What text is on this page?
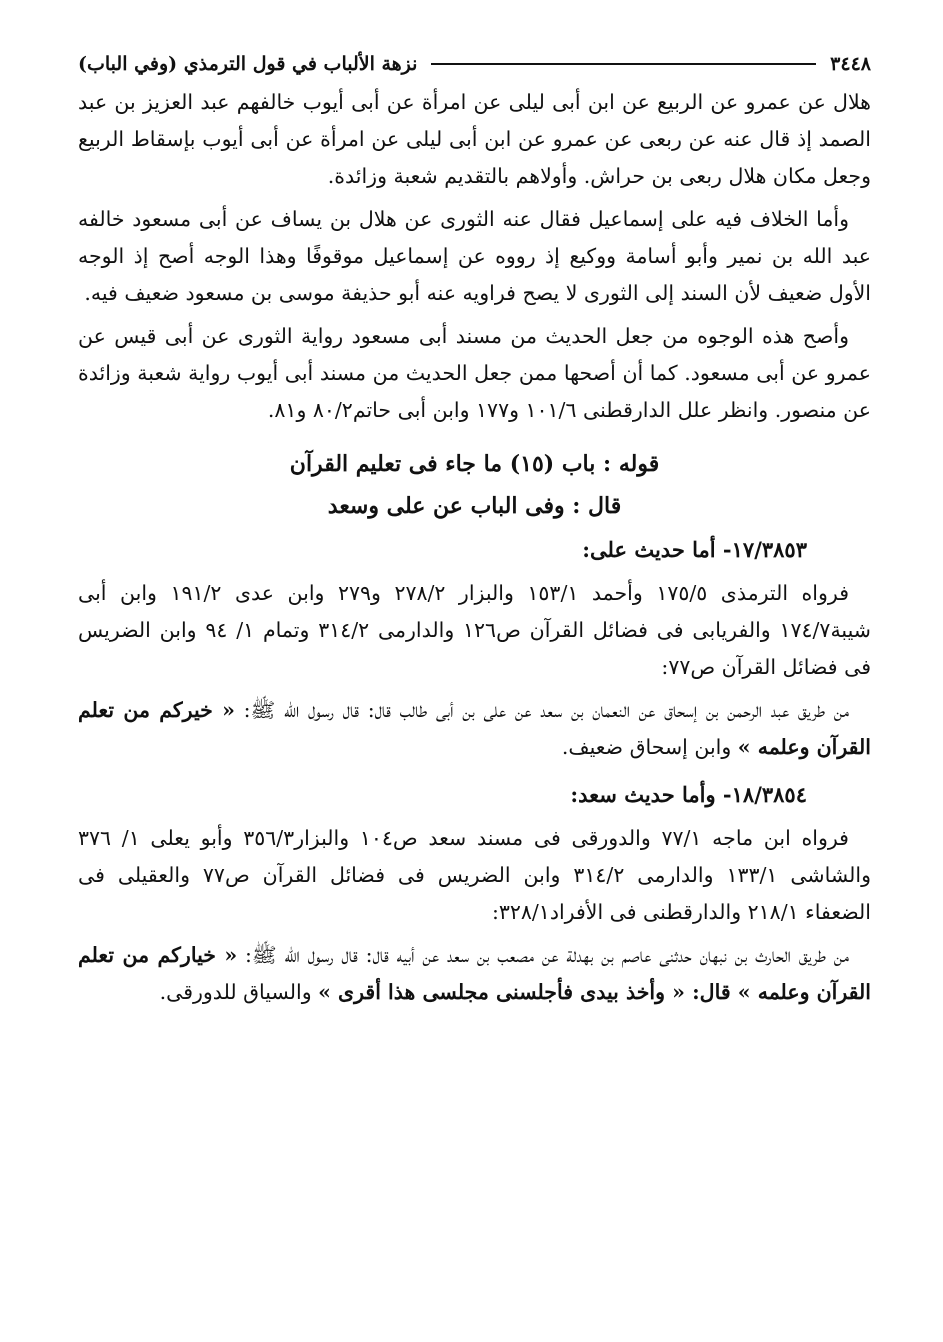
٣٤٤٨
نزهة الألباب في قول الترمذي (وفي الباب)

هلال عن عمرو عن الربيع عن ابن أبى ليلى عن امرأة عن أبى أيوب خالفهم عبد العزيز بن عبد الصمد إذ قال عنه عن ربعى عن عمرو عن ابن أبى ليلى عن امرأة عن أبى أيوب بإسقاط الربيع وجعل مكان هلال ربعى بن حراش. وأولاهم بالتقديم شعبة وزائدة.

وأما الخلاف فيه على إسماعيل فقال عنه الثورى عن هلال بن يساف عن أبى مسعود خالفه عبد الله بن نمير وأبو أسامة ووكيع إذ رووه عن إسماعيل موقوفًا وهذا الوجه أصح إذ الوجه الأول ضعيف لأن السند إلى الثورى لا يصح فراويه عنه أبو حذيفة موسى بن مسعود ضعيف فيه.

وأصح هذه الوجوه من جعل الحديث من مسند أبى مسعود رواية الثورى عن أبى قيس عن عمرو عن أبى مسعود. كما أن أصحها ممن جعل الحديث من مسند أبى أيوب رواية شعبة وزائدة عن منصور. وانظر علل الدارقطنى ١٠١/٦ و١٧٧ وابن أبى حاتم٨٠/٢ و٨١.

قوله : باب (١٥) ما جاء فى تعليم القرآن

قال : وفى الباب عن على وسعد

١٧/٣٨٥٣- أما حديث على:

فرواه الترمذى ١٧٥/٥ وأحمد ١٥٣/١ والبزار ٢٧٨/٢ و٢٧٩ وابن عدى ١٩١/٢ وابن أبى شيبة١٧٤/٧ والفريابى فى فضائل القرآن ص١٢٦ والدارمى ٣١٤/٢ وتمام ١/ ٩٤ وابن الضريس فى فضائل القرآن ص٧٧:

من طريق عبد الرحمن بن إسحاق عن النعمان بن سعد عن على بن أبى طالب قال: قال رسول الله ﷺ: « خيركم من تعلم القرآن وعلمه » وابن إسحاق ضعيف.

١٨/٣٨٥٤- وأما حديث سعد:

فرواه ابن ماجه ٧٧/١ والدورقى فى مسند سعد ص١٠٤ والبزار٣٥٦/٣ وأبو يعلى ١/ ٣٧٦ والشاشى ١٣٣/١ والدارمى ٣١٤/٢ وابن الضريس فى فضائل القرآن ص٧٧ والعقيلى فى الضعفاء ٢١٨/١ والدارقطنى فى الأفراد٣٢٨/١:

من طريق الحارث بن نبهان حدثنى عاصم بن بهدلة عن مصعب بن سعد عن أبيه قال: قال رسول الله ﷺ: « خياركم من تعلم القرآن وعلمه » قال: « وأخذ بيدى فأجلسنى مجلسى هذا أقرى » والسياق للدورقى.
